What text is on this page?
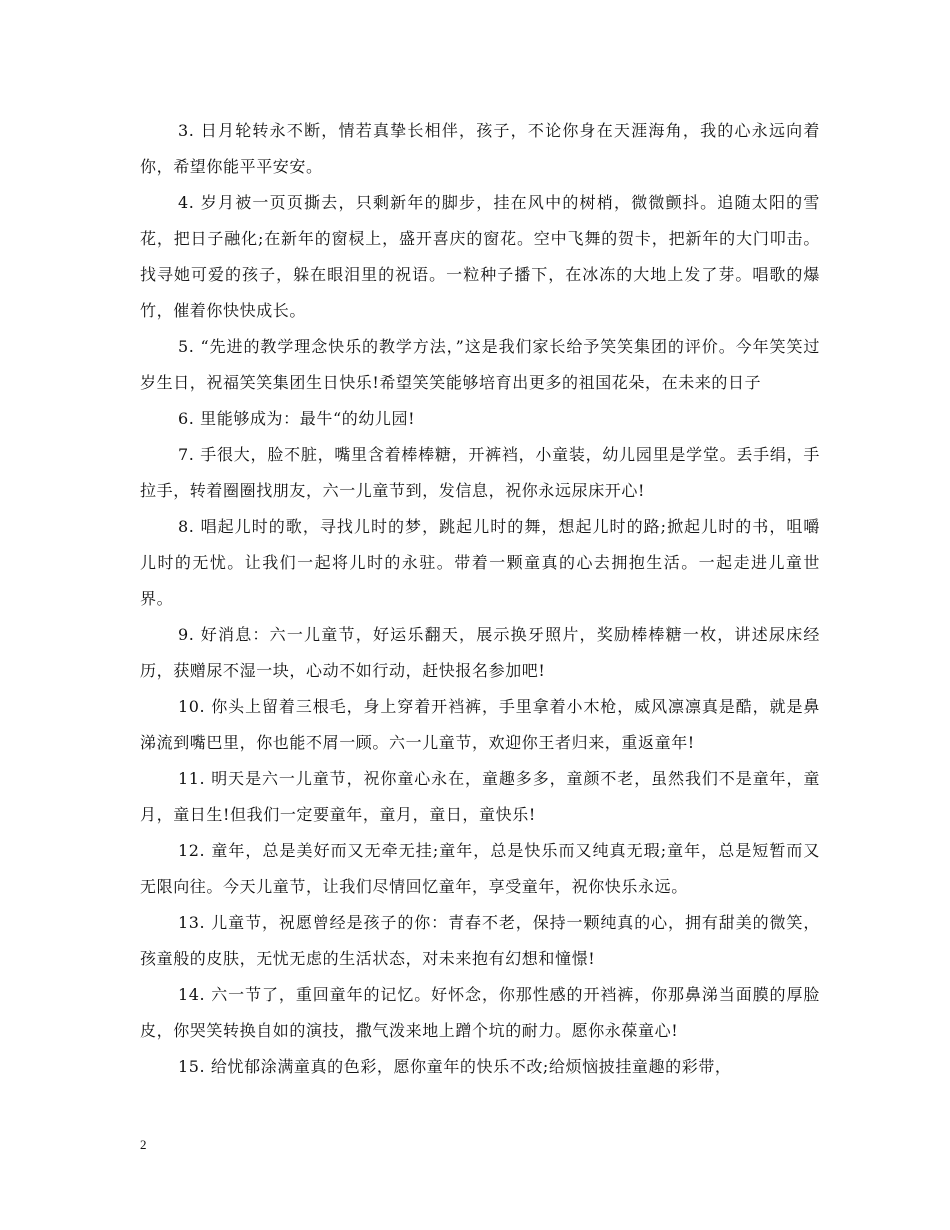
3. 日月轮转永不断，情若真挚长相伴，孩子，不论你身在天涯海角，我的心永远向着你，希望你能平平安安。

4. 岁月被一页页撕去，只剩新年的脚步，挂在风中的树梢，微微颤抖。追随太阳的雪花，把日子融化;在新年的窗棂上，盛开喜庆的窗花。空中飞舞的贺卡，把新年的大门叩击。找寻她可爱的孩子，躲在眼泪里的祝语。一粒种子播下，在冰冻的大地上发了芽。唱歌的爆竹，催着你快快成长。

5. “先进的教学理念快乐的教学方法，”这是我们家长给予笑笑集团的评价。今年笑笑过岁生日，祝福笑笑集团生日快乐!希望笑笑能够培育出更多的祖国花朵，在未来的日子

6. 里能够成为：最牛“的幼儿园!

7. 手很大，脸不脏，嘴里含着棒棒糖，开裤裆，小童装，幼儿园里是学堂。丢手绢，手拉手，转着圈圈找朋友，六一儿童节到，发信息，祝你永远尿床开心!

8. 唱起儿时的歌，寻找儿时的梦，跳起儿时的舞，想起儿时的路;掀起儿时的书，咀嚼儿时的无忧。让我们一起将儿时的永驻。带着一颗童真的心去拥抱生活。一起走进儿童世界。

9. 好消息：六一儿童节，好运乐翻天，展示换牙照片，奖励棒棒糖一枚，讲述尿床经历，获赠尿不湿一块，心动不如行动，赶快报名参加吧!

10. 你头上留着三根毛，身上穿着开裆裤，手里拿着小木枪，威风凛凛真是酷，就是鼻涕流到嘴巴里，你也能不屑一顾。六一儿童节，欢迎你王者归来，重返童年!

11. 明天是六一儿童节，祝你童心永在，童趣多多，童颜不老，虽然我们不是童年，童月，童日生!但我们一定要童年，童月，童日，童快乐!

12. 童年，总是美好而又无牵无挂;童年，总是快乐而又纯真无瑕;童年，总是短暂而又无限向往。今天儿童节，让我们尽情回忆童年，享受童年，祝你快乐永远。

13. 儿童节，祝愿曾经是孩子的你：青春不老，保持一颗纯真的心，拥有甜美的微笑，孩童般的皮肤，无忧无虑的生活状态，对未来抱有幻想和憧憬!

14. 六一节了，重回童年的记忆。好怀念，你那性感的开裆裤，你那鼻涕当面膜的厚脸皮，你哭笑转换自如的演技，撒气泼来地上蹭个坑的耐力。愿你永葆童心!

15. 给忧郁涂满童真的色彩，愿你童年的快乐不改;给烦恼披挂童趣的彩带，

2
